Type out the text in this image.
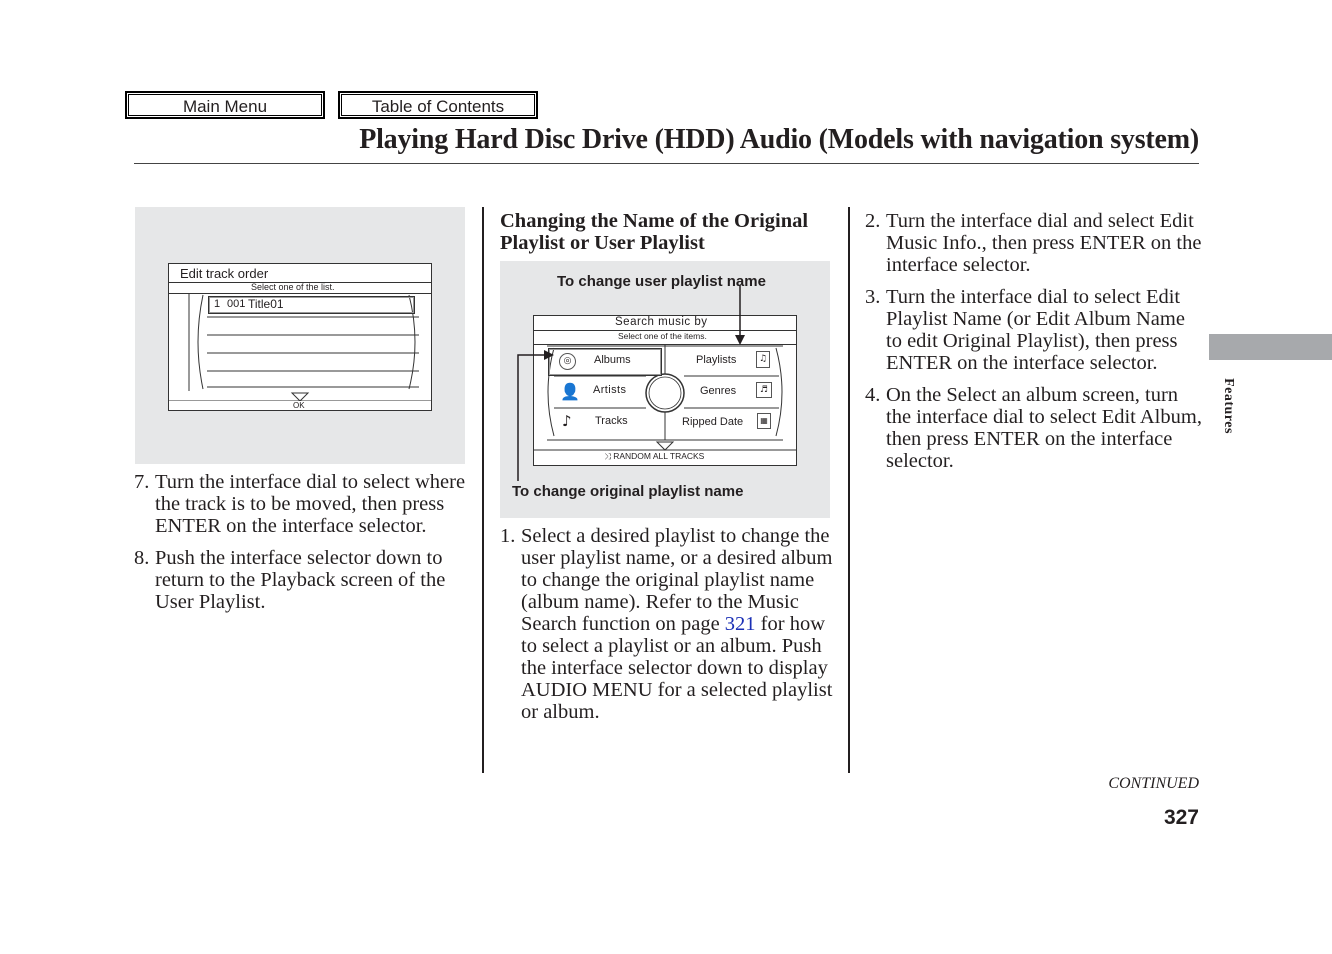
Main Menu	Table of Contents
Playing Hard Disc Drive (HDD) Audio (Models with navigation system)
Edit track order
Select one of the list.
1 001 Title01
OK
7. Turn the interface dial to select where the track is to be moved, then press ENTER on the interface selector.
8. Push the interface selector down to return to the Playback screen of the User Playlist.
Changing the Name of the Original Playlist or User Playlist
To change user playlist name
To change original playlist name
Search music by
Select one of the items.
◎	Albums
👤 Artists
♪ Tracks
Playlists	♫
Genres	♬
Ripped Date	▦
⤨ RANDOM ALL TRACKS
1. Select a desired playlist to change the user playlist name, or a desired album to change the original playlist name (album name). Refer to the Music Search function on page 321 for how to select a playlist or an album. Push the interface selector down to display AUDIO MENU for a selected playlist or album.
2. Turn the interface dial and select Edit Music Info., then press ENTER on the interface selector.
3. Turn the interface dial to select Edit Playlist Name (or Edit Album Name to edit Original Playlist), then press ENTER on the interface selector.
4. On the Select an album screen, turn the interface dial to select Edit Album, then press ENTER on the interface selector.
Features
CONTINUED
327
